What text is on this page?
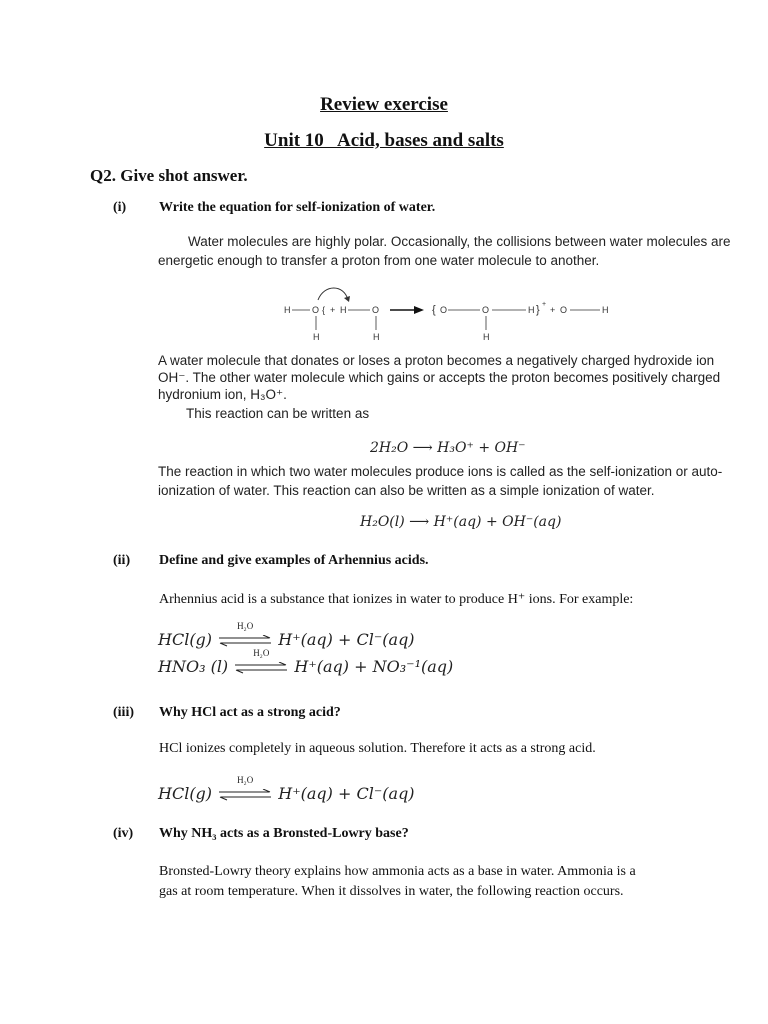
Review exercise
Unit 10   Acid, bases and salts
Q2. Give shot answer.
(i) Write the equation for self-ionization of water.
Water molecules are highly polar. Occasionally, the collisions between water molecules are
energetic enough to transfer a proton from one water molecule to another.
H O {
H
+ H	O
H
{ O	O
H
H } +
+ O	H
A water molecule that donates or loses a proton becomes a negatively charged hydroxide ion
OH⁻. The other water molecule which gains or accepts the proton becomes positively charged
hydronium ion, H₃O⁺.
This reaction can be written as
2H₂O ⟶ H₃O⁺ + OH⁻
The reaction in which two water molecules produce ions is called as the self-ionization or auto-
ionization of water. This reaction can also be written as a simple ionization of water.
H₂O(l) ⟶ H⁺(aq) + OH⁻(aq)
(ii) Define and give examples of Arhennius acids.
Arhennius acid is a substance that ionizes in water to produce H⁺ ions. For example:
HCl(g)
H₂O
H⁺(aq) + Cl⁻(aq)
HNO₃ (l)
H₂O
H⁺(aq) + NO₃⁻¹(aq)
(iii) Why HCl act as a strong acid?
HCl ionizes completely in aqueous solution. Therefore it acts as a strong acid.
HCl(g)
H₂O
H⁺(aq) + Cl⁻(aq)
(iv) Why NH₃ acts as a Bronsted-Lowry base?
Bronsted-Lowry theory explains how ammonia acts as a base in water. Ammonia is a
gas at room temperature. When it dissolves in water, the following reaction occurs.
